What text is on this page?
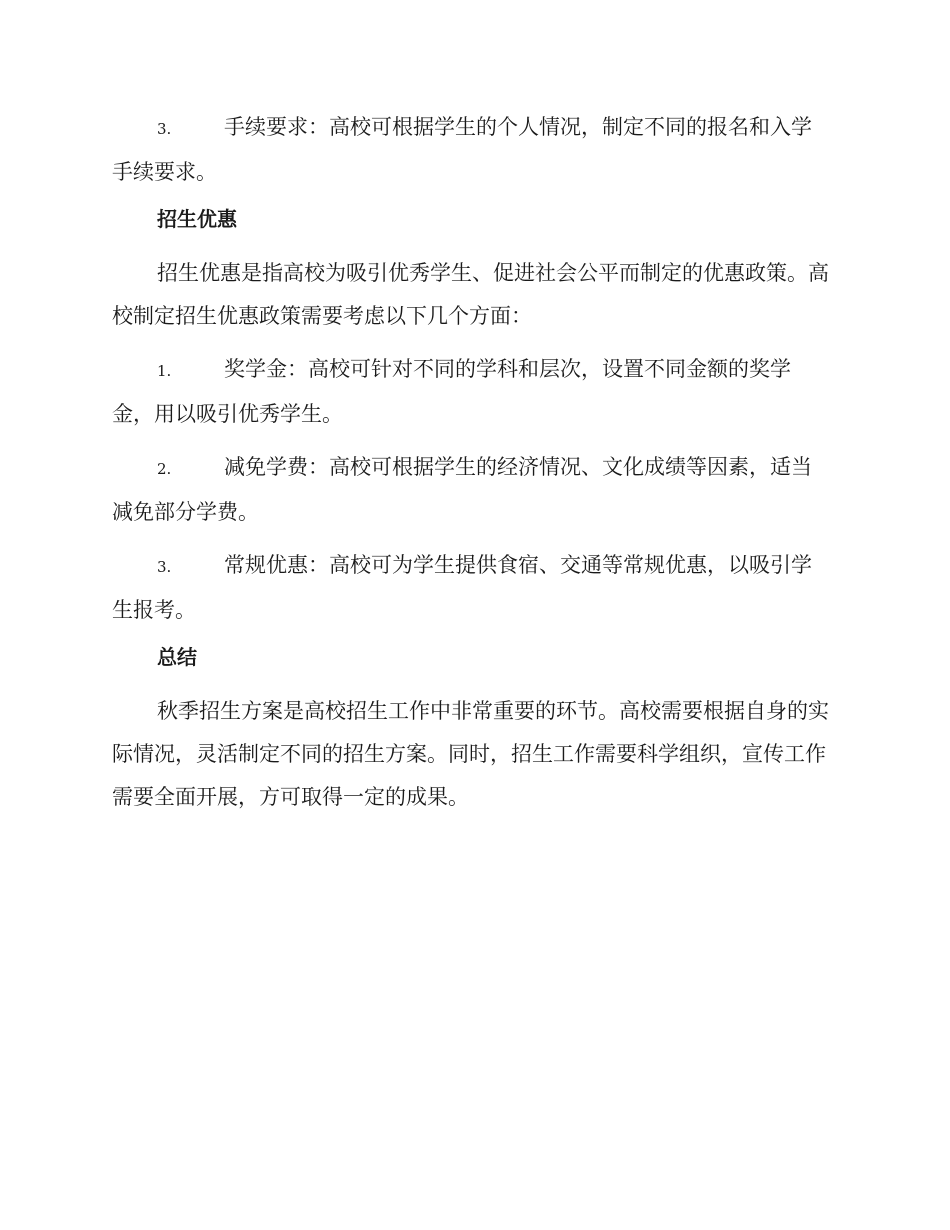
3.	手续要求：高校可根据学生的个人情况，制定不同的报名和入学手续要求。

招生优惠

招生优惠是指高校为吸引优秀学生、促进社会公平而制定的优惠政策。高校制定招生优惠政策需要考虑以下几个方面：

1.	奖学金：高校可针对不同的学科和层次，设置不同金额的奖学金，用以吸引优秀学生。

2.	减免学费：高校可根据学生的经济情况、文化成绩等因素，适当减免部分学费。

3.	常规优惠：高校可为学生提供食宿、交通等常规优惠，以吸引学生报考。

总结

秋季招生方案是高校招生工作中非常重要的环节。高校需要根据自身的实际情况，灵活制定不同的招生方案。同时，招生工作需要科学组织，宣传工作需要全面开展，方可取得一定的成果。
